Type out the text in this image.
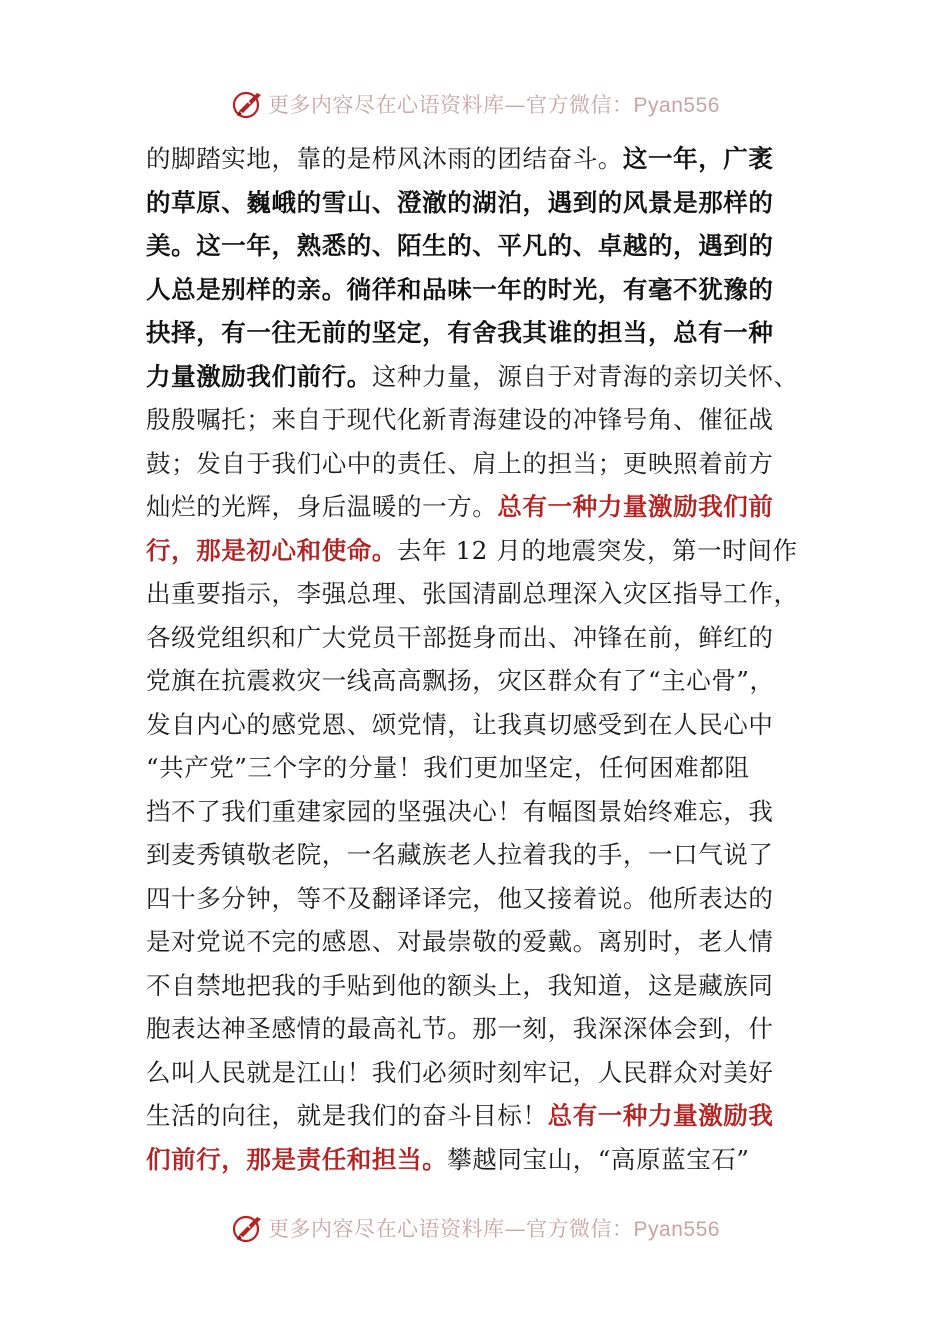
更多内容尽在心语资料库—官方微信：Pyan556
的脚踏实地，靠的是栉风沐雨的团结奋斗。这一年，广袤
的草原、巍峨的雪山、澄澈的湖泊，遇到的风景是那样的
美。这一年，熟悉的、陌生的、平凡的、卓越的，遇到的
人总是别样的亲。徜徉和品味一年的时光，有毫不犹豫的
抉择，有一往无前的坚定，有舍我其谁的担当，总有一种
力量激励我们前行。这种力量，源自于对青海的亲切关怀、
殷殷嘱托；来自于现代化新青海建设的冲锋号角、催征战
鼓；发自于我们心中的责任、肩上的担当；更映照着前方
灿烂的光辉，身后温暖的一方。总有一种力量激励我们前
行，那是初心和使命。去年 12 月的地震突发，第一时间作
出重要指示，李强总理、张国清副总理深入灾区指导工作，
各级党组织和广大党员干部挺身而出、冲锋在前，鲜红的
党旗在抗震救灾一线高高飘扬，灾区群众有了“主心骨”，
发自内心的感党恩、颂党情，让我真切感受到在人民心中
“共产党”三个字的分量！我们更加坚定，任何困难都阻
挡不了我们重建家园的坚强决心！有幅图景始终难忘，我
到麦秀镇敬老院，一名藏族老人拉着我的手，一口气说了
四十多分钟，等不及翻译译完，他又接着说。他所表达的
是对党说不完的感恩、对最崇敬的爱戴。离别时，老人情
不自禁地把我的手贴到他的额头上，我知道，这是藏族同
胞表达神圣感情的最高礼节。那一刻，我深深体会到，什
么叫人民就是江山！我们必须时刻牢记，人民群众对美好
生活的向往，就是我们的奋斗目标！总有一种力量激励我
们前行，那是责任和担当。攀越同宝山，“高原蓝宝石”
更多内容尽在心语资料库—官方微信：Pyan556
